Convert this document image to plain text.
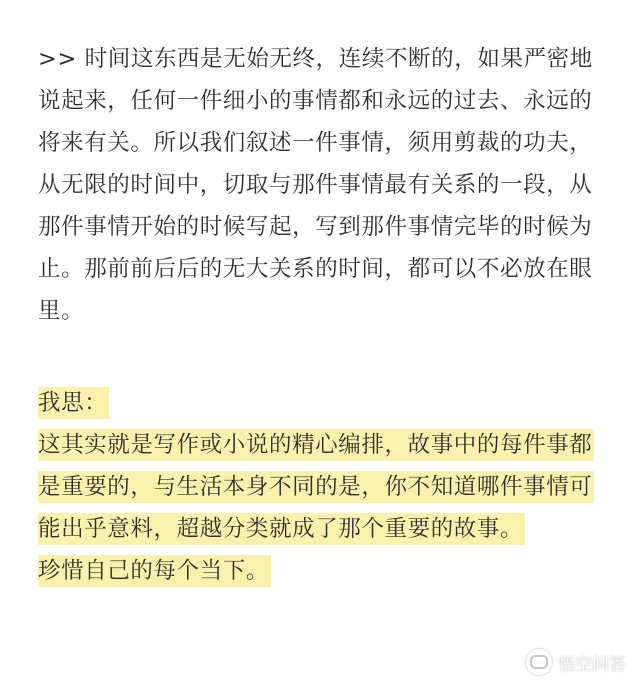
>> 时间这东西是无始无终，连续不断的，如果严密地
说起来，任何一件细小的事情都和永远的过去、永远的
将来有关。所以我们叙述一件事情，须用剪裁的功夫，
从无限的时间中，切取与那件事情最有关系的一段，从
那件事情开始的时候写起，写到那件事情完毕的时候为
止。那前前后后的无大关系的时间，都可以不必放在眼
里。
我思：
这其实就是写作或小说的精心编排，故事中的每件事都
是重要的，与生活本身不同的是，你不知道哪件事情可
能出乎意料，超越分类就成了那个重要的故事。
珍惜自己的每个当下。
悟空问答
